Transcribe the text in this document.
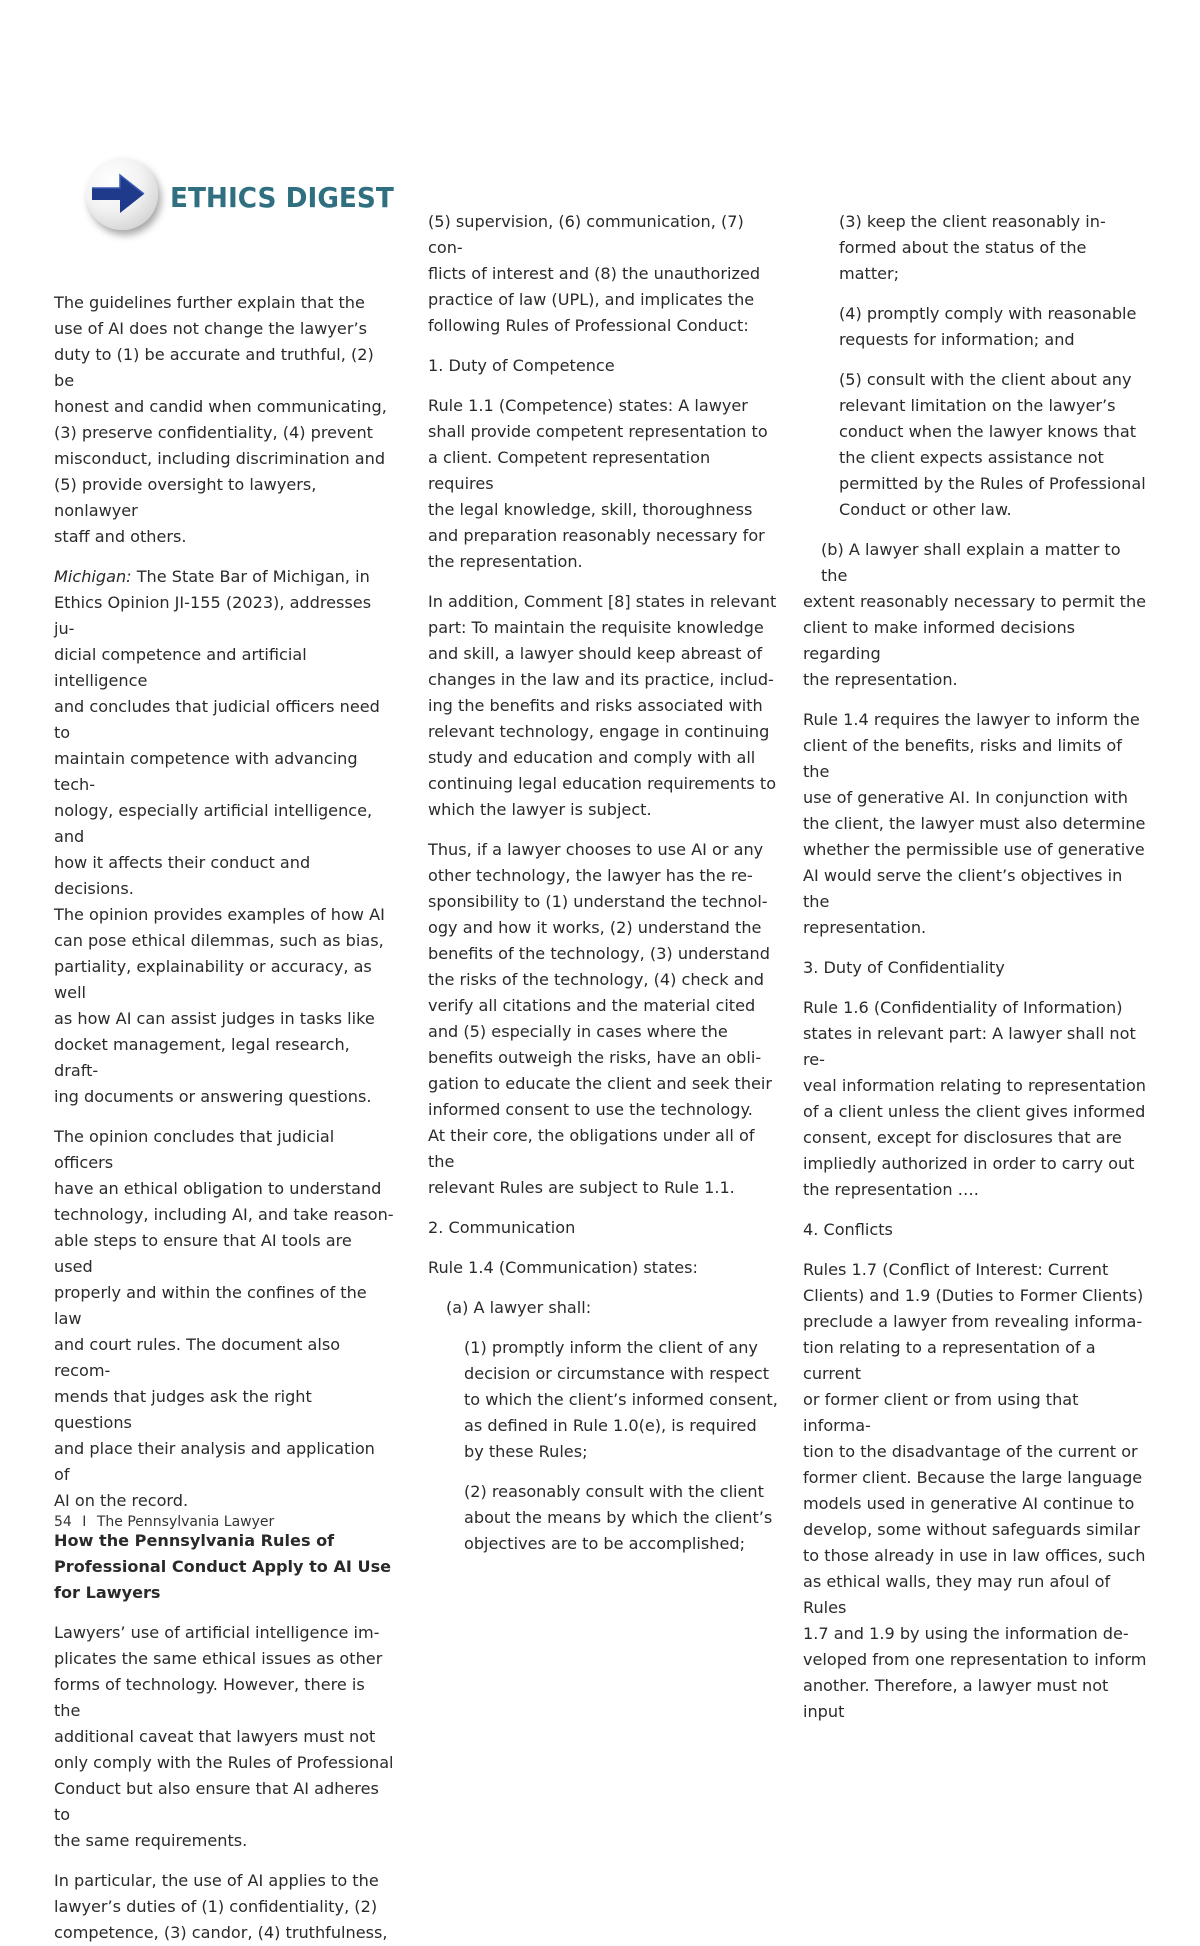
ETHICS DIGEST

The guidelines further explain that the

use of AI does not change the lawyer’s

duty to (1) be accurate and truthful, (2) be

honest and candid when communicating,

(3) preserve confidentiality, (4) prevent

misconduct, including discrimination and

(5) provide oversight to lawyers, nonlawyer

staff and others.

Michigan: The State Bar of Michigan, in

Ethics Opinion JI-155 (2023), addresses ju-

dicial competence and artificial intelligence

and concludes that judicial officers need to

maintain competence with advancing tech-

nology, especially artificial intelligence, and

how it affects their conduct and decisions.

The opinion provides examples of how AI

can pose ethical dilemmas, such as bias,

partiality, explainability or accuracy, as well

as how AI can assist judges in tasks like

docket management, legal research, draft-

ing documents or answering questions.

The opinion concludes that judicial officers

have an ethical obligation to understand

technology, including AI, and take reason-

able steps to ensure that AI tools are used

properly and within the confines of the law

and court rules. The document also recom-

mends that judges ask the right questions

and place their analysis and application of

AI on the record.

How the Pennsylvania Rules of

Professional Conduct Apply to AI Use

for Lawyers

Lawyers’ use of artificial intelligence im-

plicates the same ethical issues as other

forms of technology. However, there is the

additional caveat that lawyers must not

only comply with the Rules of Professional

Conduct but also ensure that AI adheres to

the same requirements.

In particular, the use of AI applies to the

lawyer’s duties of (1) confidentiality, (2)

competence, (3) candor, (4) truthfulness,

(5) supervision, (6) communication, (7) con-

flicts of interest and (8) the unauthorized

practice of law (UPL), and implicates the

following Rules of Professional Conduct:

1. Duty of Competence

Rule 1.1 (Competence) states: A lawyer

shall provide competent representation to

a client. Competent representation requires

the legal knowledge, skill, thoroughness

and preparation reasonably necessary for

the representation.

In addition, Comment [8] states in relevant

part: To maintain the requisite knowledge

and skill, a lawyer should keep abreast of

changes in the law and its practice, includ-

ing the benefits and risks associated with

relevant technology, engage in continuing

study and education and comply with all

continuing legal education requirements to

which the lawyer is subject.

Thus, if a lawyer chooses to use AI or any

other technology, the lawyer has the re-

sponsibility to (1) understand the technol-

ogy and how it works, (2) understand the

benefits of the technology, (3) understand

the risks of the technology, (4) check and

verify all citations and the material cited

and (5) especially in cases where the

benefits outweigh the risks, have an obli-

gation to educate the client and seek their

informed consent to use the technology.

At their core, the obligations under all of the

relevant Rules are subject to Rule 1.1.

2. Communication

Rule 1.4 (Communication) states:

(a) A lawyer shall:

(1) promptly inform the client of any

decision or circumstance with respect

to which the client’s informed consent,

as defined in Rule 1.0(e), is required

by these Rules;

(2) reasonably consult with the client

about the means by which the client’s

objectives are to be accomplished;

(3) keep the client reasonably in-

formed about the status of the matter;

(4) promptly comply with reasonable

requests for information; and

(5) consult with the client about any

relevant limitation on the lawyer’s

conduct when the lawyer knows that

the client expects assistance not

permitted by the Rules of Professional

Conduct or other law.

(b) A lawyer shall explain a matter to the

extent reasonably necessary to permit the

client to make informed decisions regarding

the representation.

Rule 1.4 requires the lawyer to inform the

client of the benefits, risks and limits of the

use of generative AI. In conjunction with

the client, the lawyer must also determine

whether the permissible use of generative

AI would serve the client’s objectives in the

representation.

3. Duty of Confidentiality

Rule 1.6 (Confidentiality of Information)

states in relevant part: A lawyer shall not re-

veal information relating to representation

of a client unless the client gives informed

consent, except for disclosures that are

impliedly authorized in order to carry out

the representation ….

4. Conflicts

Rules 1.7 (Conflict of Interest: Current

Clients) and 1.9 (Duties to Former Clients)

preclude a lawyer from revealing informa-

tion relating to a representation of a current

or former client or from using that informa-

tion to the disadvantage of the current or

former client. Because the large language

models used in generative AI continue to

develop, some without safeguards similar

to those already in use in law offices, such

as ethical walls, they may run afoul of Rules

1.7 and 1.9 by using the information de-

veloped from one representation to inform

another. Therefore, a lawyer must not input

54 I The Pennsylvania Lawyer
